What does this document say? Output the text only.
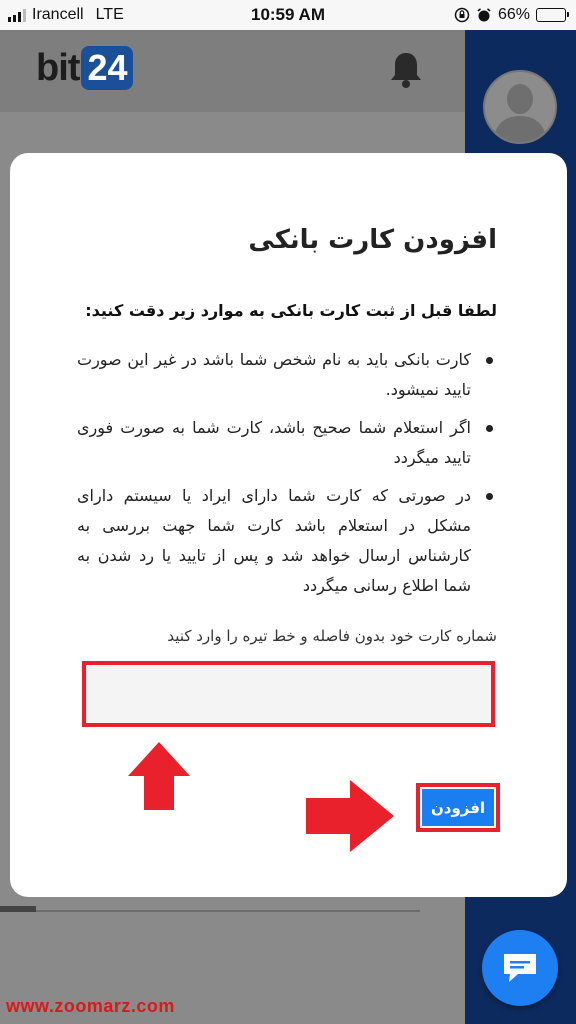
Irancell LTE	10:59 AM	66%
bit 24
افزودن کارت بانکی
لطفا قبل از ثبت کارت بانکی به موارد زیر دقت کنید:
کارت بانکی باید به نام شخص شما باشد در غیر این صورت تایید نمیشود.
اگر استعلام شما صحیح باشد، کارت شما به صورت فوری تایید میگردد
در صورتی که کارت شما دارای ایراد یا سیستم دارای مشکل در استعلام باشد کارت شما جهت بررسی به کارشناس ارسال خواهد شد و پس از تایید یا رد شدن به شما اطلاع رسانی میگردد
شماره کارت خود بدون فاصله و خط تیره را وارد کنید
افزودن
www.zoomarz.com
